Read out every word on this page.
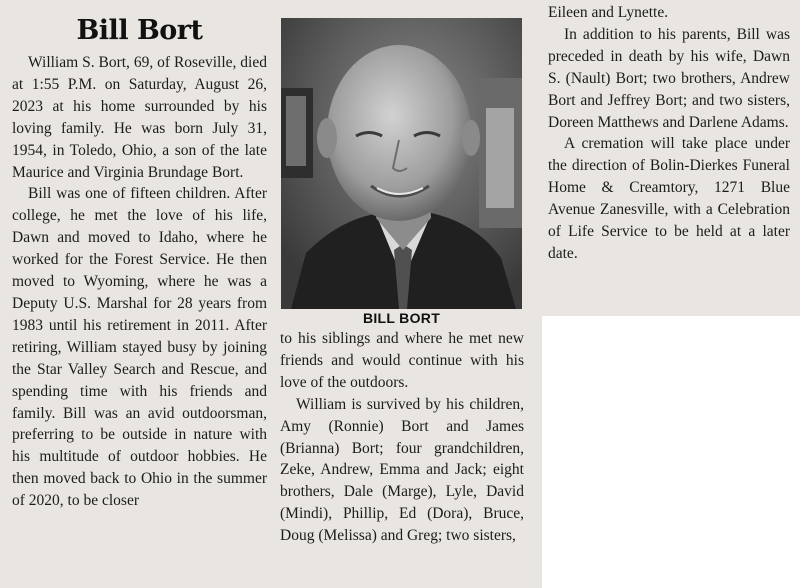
Bill Bort

William S. Bort, 69, of Roseville, died at 1:55 P.M. on Saturday, August 26, 2023 at his home surrounded by his loving family. He was born July 31, 1954, in Toledo, Ohio, a son of the late Maurice and Virginia Brundage Bort.

Bill was one of fifteen children. After college, he met the love of his life, Dawn and moved to Idaho, where he worked for the Forest Service. He then moved to Wyoming, where he was a Deputy U.S. Marshal for 28 years from 1983 until his retirement in 2011. After retiring, William stayed busy by joining the Star Valley Search and Rescue, and spending time with his friends and family. Bill was an avid outdoorsman, preferring to be outside in nature with his multitude of outdoor hobbies. He then moved back to Ohio in the summer of 2020, to be closer

BILL BORT

to his siblings and where he met new friends and would continue with his love of the outdoors.

William is survived by his children, Amy (Ronnie) Bort and James (Brianna) Bort; four grandchildren, Zeke, Andrew, Emma and Jack; eight brothers, Dale (Marge), Lyle, David (Mindi), Phillip, Ed (Dora), Bruce, Doug (Melissa) and Greg; two sisters,

Eileen and Lynette.

In addition to his parents, Bill was preceded in death by his wife, Dawn S. (Nault) Bort; two brothers, Andrew Bort and Jeffrey Bort; and two sisters, Doreen Matthews and Darlene Adams.

A cremation will take place under the direction of Bolin-Dierkes Funeral Home & Creamtory, 1271 Blue Avenue Zanesville, with a Celebration of Life Service to be held at a later date.
